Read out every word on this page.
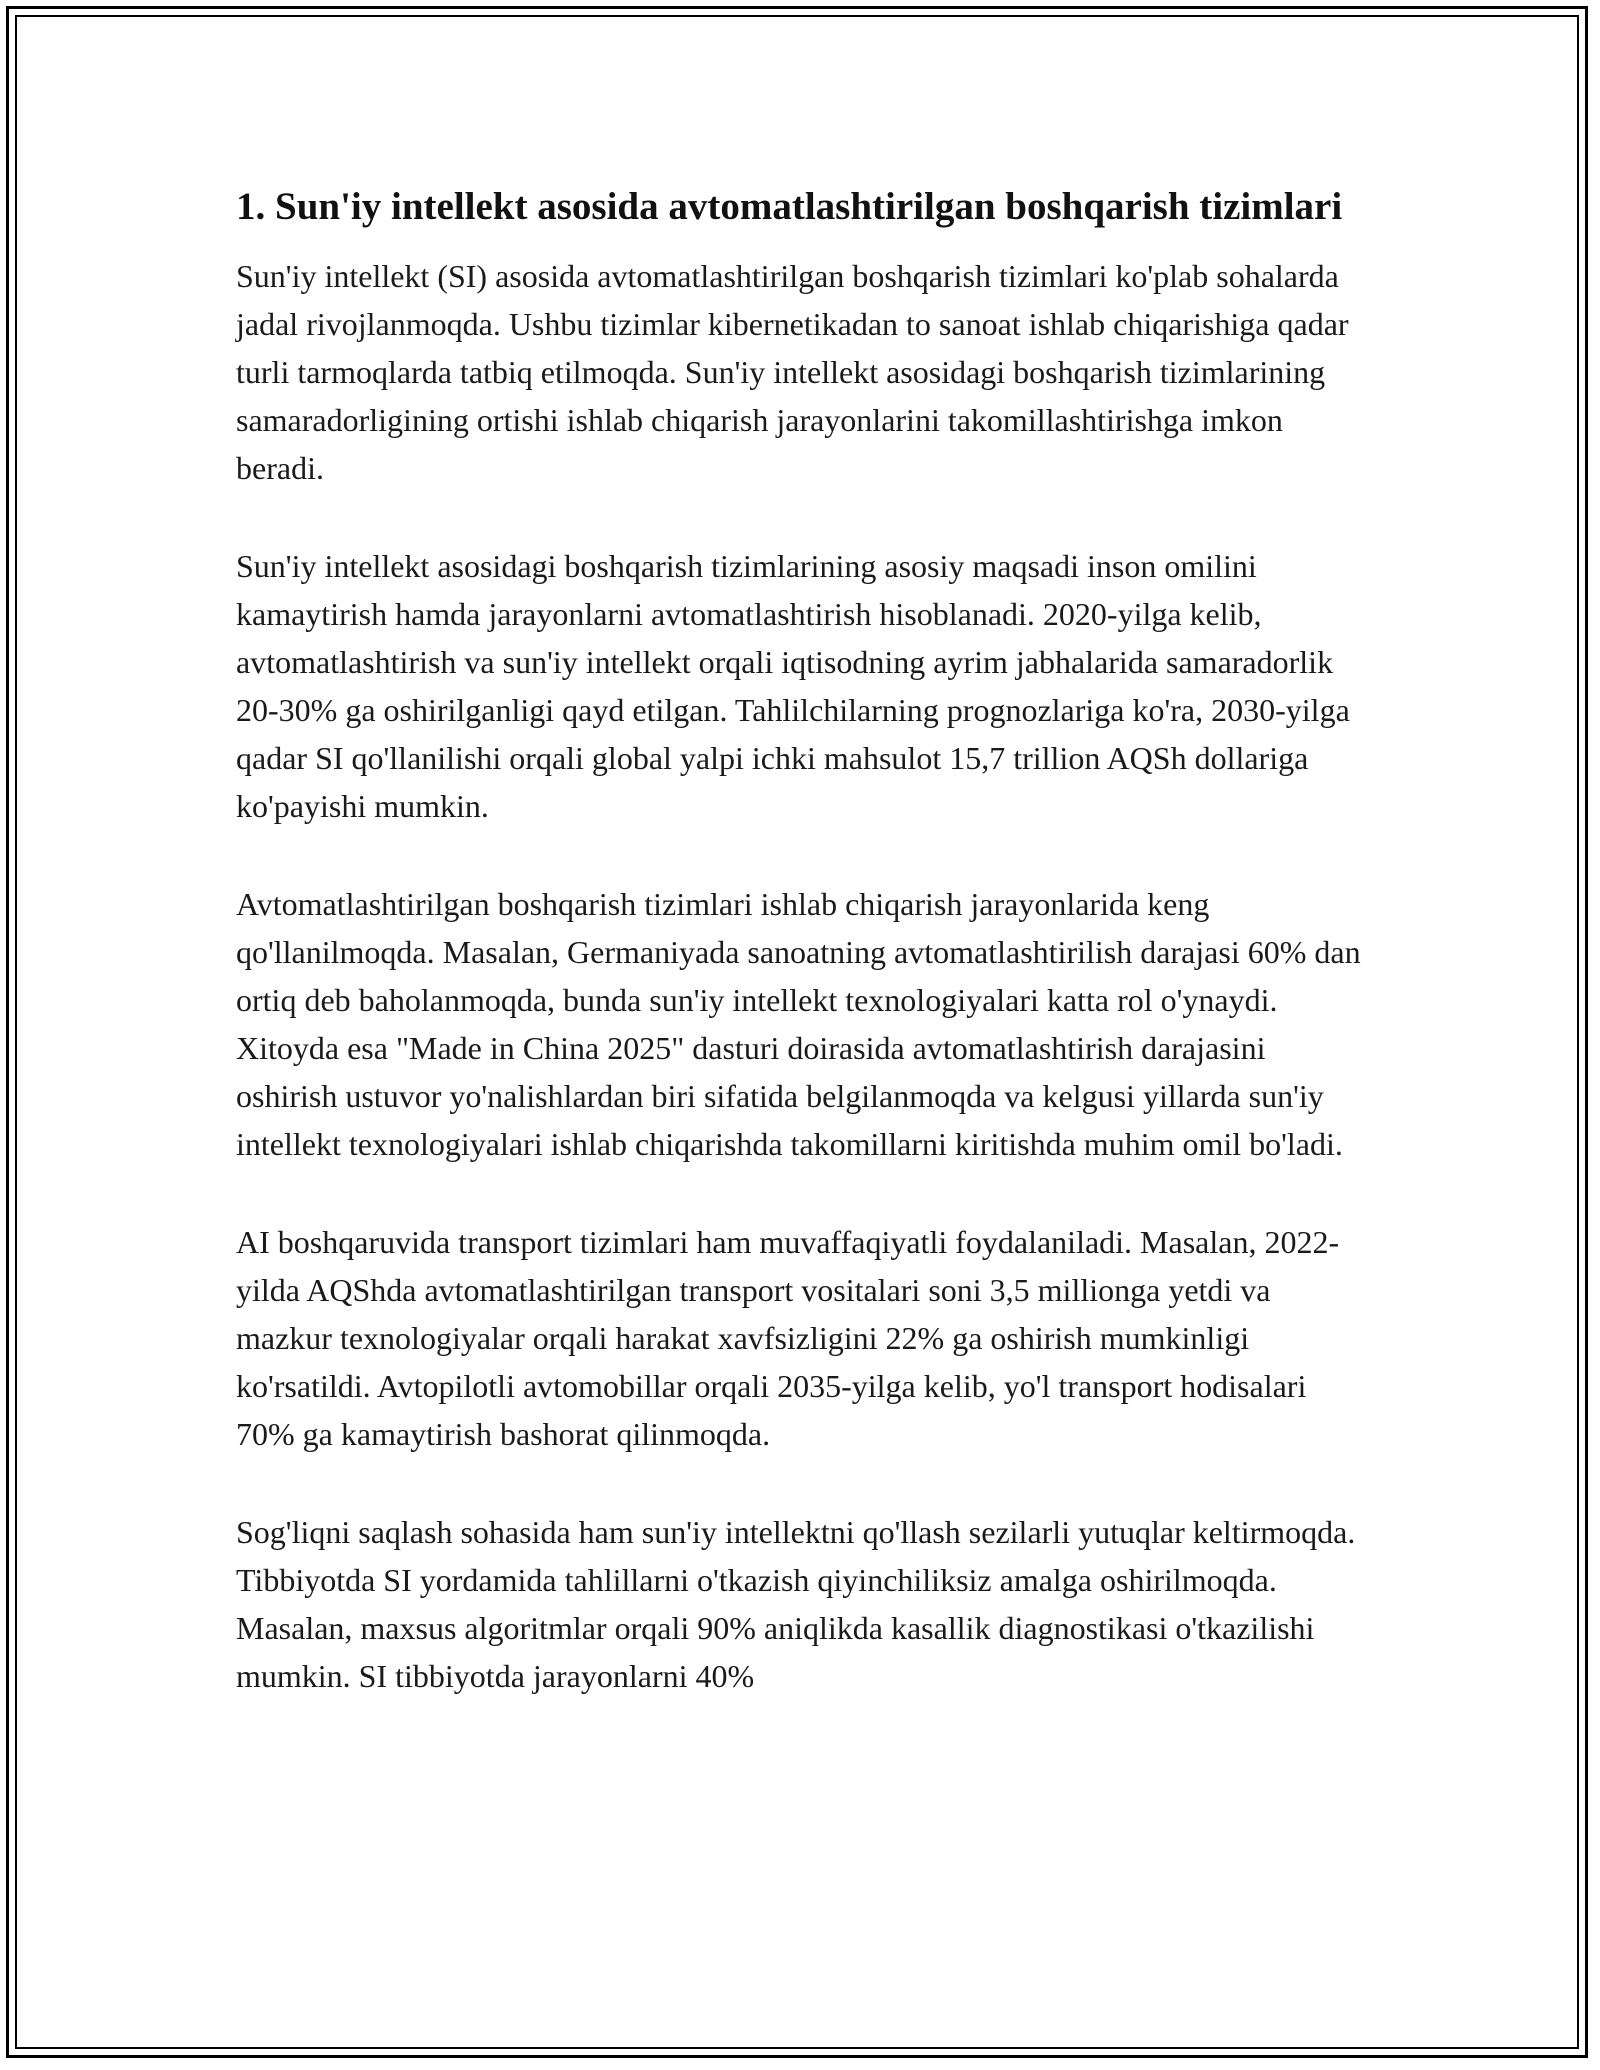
1. Sun'iy intellekt asosida avtomatlashtirilgan boshqarish tizimlari

Sun'iy intellekt (SI) asosida avtomatlashtirilgan boshqarish tizimlari ko'plab sohalarda jadal rivojlanmoqda. Ushbu tizimlar kibernetikadan to sanoat ishlab chiqarishiga qadar turli tarmoqlarda tatbiq etilmoqda. Sun'iy intellekt asosidagi boshqarish tizimlarining samaradorligining ortishi ishlab chiqarish jarayonlarini takomillashtirishga imkon beradi.

Sun'iy intellekt asosidagi boshqarish tizimlarining asosiy maqsadi inson omilini kamaytirish hamda jarayonlarni avtomatlashtirish hisoblanadi. 2020-yilga kelib, avtomatlashtirish va sun'iy intellekt orqali iqtisodning ayrim jabhalarida samaradorlik 20-30% ga oshirilganligi qayd etilgan. Tahlilchilarning prognozlariga ko'ra, 2030-yilga qadar SI qo'llanilishi orqali global yalpi ichki mahsulot 15,7 trillion AQSh dollariga ko'payishi mumkin.

Avtomatlashtirilgan boshqarish tizimlari ishlab chiqarish jarayonlarida keng qo'llanilmoqda. Masalan, Germaniyada sanoatning avtomatlashtirilish darajasi 60% dan ortiq deb baholanmoqda, bunda sun'iy intellekt texnologiyalari katta rol o'ynaydi. Xitoyda esa "Made in China 2025" dasturi doirasida avtomatlashtirish darajasini oshirish ustuvor yo'nalishlardan biri sifatida belgilanmoqda va kelgusi yillarda sun'iy intellekt texnologiyalari ishlab chiqarishda takomillarni kiritishda muhim omil bo'ladi.

AI boshqaruvida transport tizimlari ham muvaffaqiyatli foydalaniladi. Masalan, 2022-yilda AQShda avtomatlashtirilgan transport vositalari soni 3,5 millionga yetdi va mazkur texnologiyalar orqali harakat xavfsizligini 22% ga oshirish mumkinligi ko'rsatildi. Avtopilotli avtomobillar orqali 2035-yilga kelib, yo'l transport hodisalari 70% ga kamaytirish bashorat qilinmoqda.

Sog'liqni saqlash sohasida ham sun'iy intellektni qo'llash sezilarli yutuqlar keltirmoqda. Tibbiyotda SI yordamida tahlillarni o'tkazish qiyinchiliksiz amalga oshirilmoqda. Masalan, maxsus algoritmlar orqali 90% aniqlikda kasallik diagnostikasi o'tkazilishi mumkin. SI tibbiyotda jarayonlarni 40%
